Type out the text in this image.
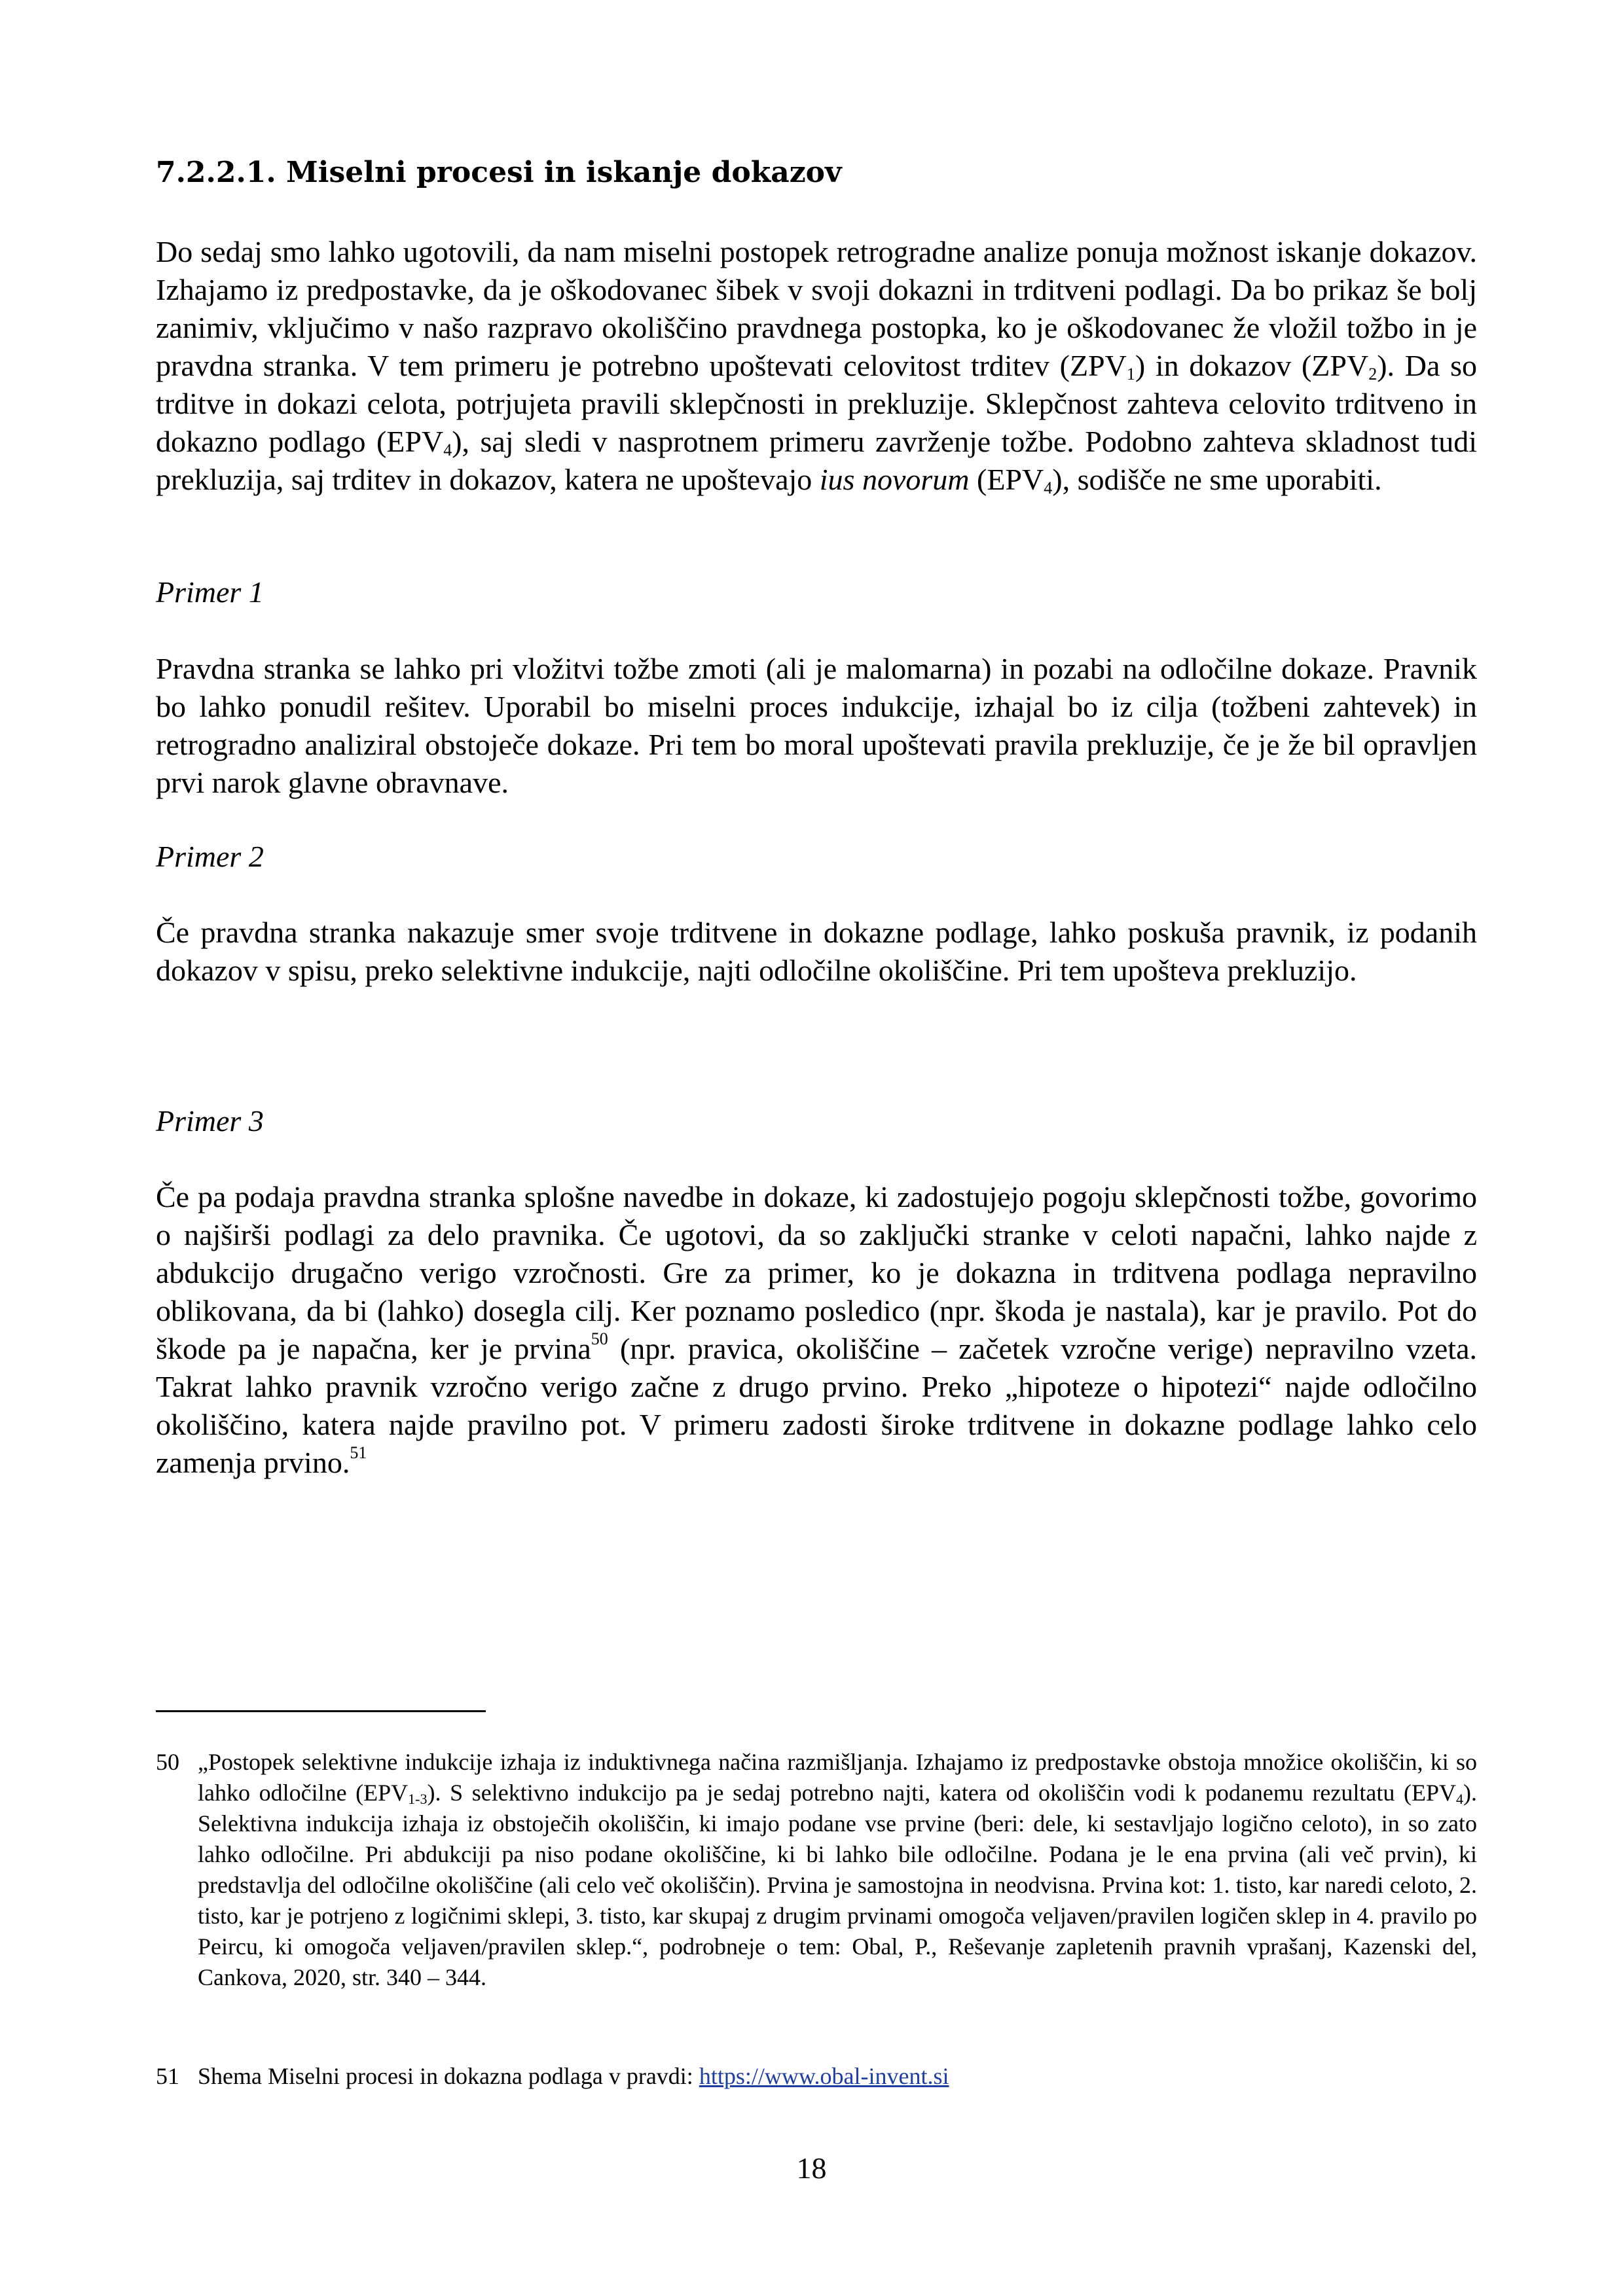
7.2.2.1. Miselni procesi in iskanje dokazov

Do sedaj smo lahko ugotovili, da nam miselni postopek retrogradne analize ponuja možnost iskanje dokazov. Izhajamo iz predpostavke, da je oškodovanec šibek v svoji dokazni in trditveni podlagi. Da bo prikaz še bolj zanimiv, vključimo v našo razpravo okoliščino pravdnega postopka, ko je oškodovanec že vložil tožbo in je pravdna stranka. V tem primeru je potrebno upoštevati celovitost trditev $(ZPV_1)$ in dokazov $(ZPV_2)$. Da so trditve in dokazi celota, potrjujeta pravili sklepčnosti in prekluzije. Sklepčnost zahteva celovito trditveno in dokazno podlago $(EPV_4)$, saj sledi v nasprotnem primeru zavrženje tožbe. Podobno zahteva skladnost tudi prekluzija, saj trditev in dokazov, katera ne upoštevajo ius novorum $(EPV_4)$, sodišče ne sme uporabiti.

Primer 1

Pravdna stranka se lahko pri vložitvi tožbe zmoti (ali je malomarna) in pozabi na odločilne dokaze. Pravnik bo lahko ponudil rešitev. Uporabil bo miselni proces indukcije, izhajal bo iz cilja (tožbeni zahtevek) in retrogradno analiziral obstoječe dokaze. Pri tem bo moral upoštevati pravila prekluzije, če je že bil opravljen prvi narok glavne obravnave.

Primer 2

Če pravdna stranka nakazuje smer svoje trditvene in dokazne podlage, lahko poskuša pravnik, iz podanih dokazov v spisu, preko selektivne indukcije, najti odločilne okoliščine. Pri tem upošteva prekluzijo.

Primer 3

Če pa podaja pravdna stranka splošne navedbe in dokaze, ki zadostujejo pogoju sklepčnosti tožbe, govorimo o najširši podlagi za delo pravnika. Če ugotovi, da so zaključki stranke v celoti napačni, lahko najde z abdukcijo drugačno verigo vzročnosti. Gre za primer, ko je dokazna in trditvena podlaga nepravilno oblikovana, da bi (lahko) dosegla cilj. Ker poznamo posledico (npr. škoda je nastala), kar je pravilo. Pot do škode pa je napačna, ker je prvina$^{50}$ (npr. pravica, okoliščine – začetek vzročne verige) nepravilno vzeta. Takrat lahko pravnik vzročno verigo začne z drugo prvino. Preko „hipoteze o hipotezi“ najde odločilno okoliščino, katera najde pravilno pot. V primeru zadosti široke trditvene in dokazne podlage lahko celo zamenja prvino.$^{51}$

50 „Postopek selektivne indukcije izhaja iz induktivnega načina razmišljanja. Izhajamo iz predpostavke obstoja množice okoliščin, ki so lahko odločilne $(EPV_{1-3})$. S selektivno indukcijo pa je sedaj potrebno najti, katera od okoliščin vodi k podanemu rezultatu $(EPV_4)$. Selektivna indukcija izhaja iz obstoječih okoliščin, ki imajo podane vse prvine (beri: dele, ki sestavljajo logično celoto), in so zato lahko odločilne. Pri abdukciji pa niso podane okoliščine, ki bi lahko bile odločilne. Podana je le ena prvina (ali več prvin), ki predstavlja del odločilne okoliščine (ali celo več okoliščin). Prvina je samostojna in neodvisna. Prvina kot: 1. tisto, kar naredi celoto, 2. tisto, kar je potrjeno z logičnimi sklepi, 3. tisto, kar skupaj z drugim prvinami omogoča veljaven/pravilen logičen sklep in 4. pravilo po Peircu, ki omogoča veljaven/pravilen sklep.“, podrobneje o tem: Obal, P., Reševanje zapletenih pravnih vprašanj, Kazenski del, Cankova, 2020, str. 340 – 344.

51 Shema Miselni procesi in dokazna podlaga v pravdi: https://www.obal-invent.si

18
